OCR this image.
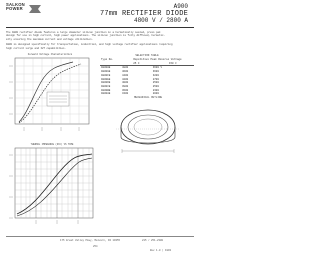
SALKON
POWER	A900
77mm RECTIFIER DIODE
4800 V / 2800 A
The A900 rectifier diode features a large diameter silicon junction in a hermetically sealed, press pak
design for use in high current, high power applications. The silicon junction is fully diffused, hermetic-
ally ensuring the maximum current and voltage utilization.
A900 is designed specifically for transportation, industrial, and high voltage rectifier applications requiring
high current surge and I2T capabilities.
Forward Voltage Characteristics	SELECTION TABLE
Type No.	Repetitive Peak Reverse Voltage	
	25 C	150 C
A900HE	4800	3600 V
A900GE	4600	3600
A900FE	4400	3200
A900EE	4200	2700
A900DE	4000	2500
A900CE	3800	2500
A900BE	3600	2300
A900AE	3400	2000
MECHANICAL OUTLINE
THERMAL IMPEDANCE (Zth) VS TIME
175 Great Valley Pkwy, Malvern, PA 19355	215 / 251-2300
254
Rev 1.0 | 1993
